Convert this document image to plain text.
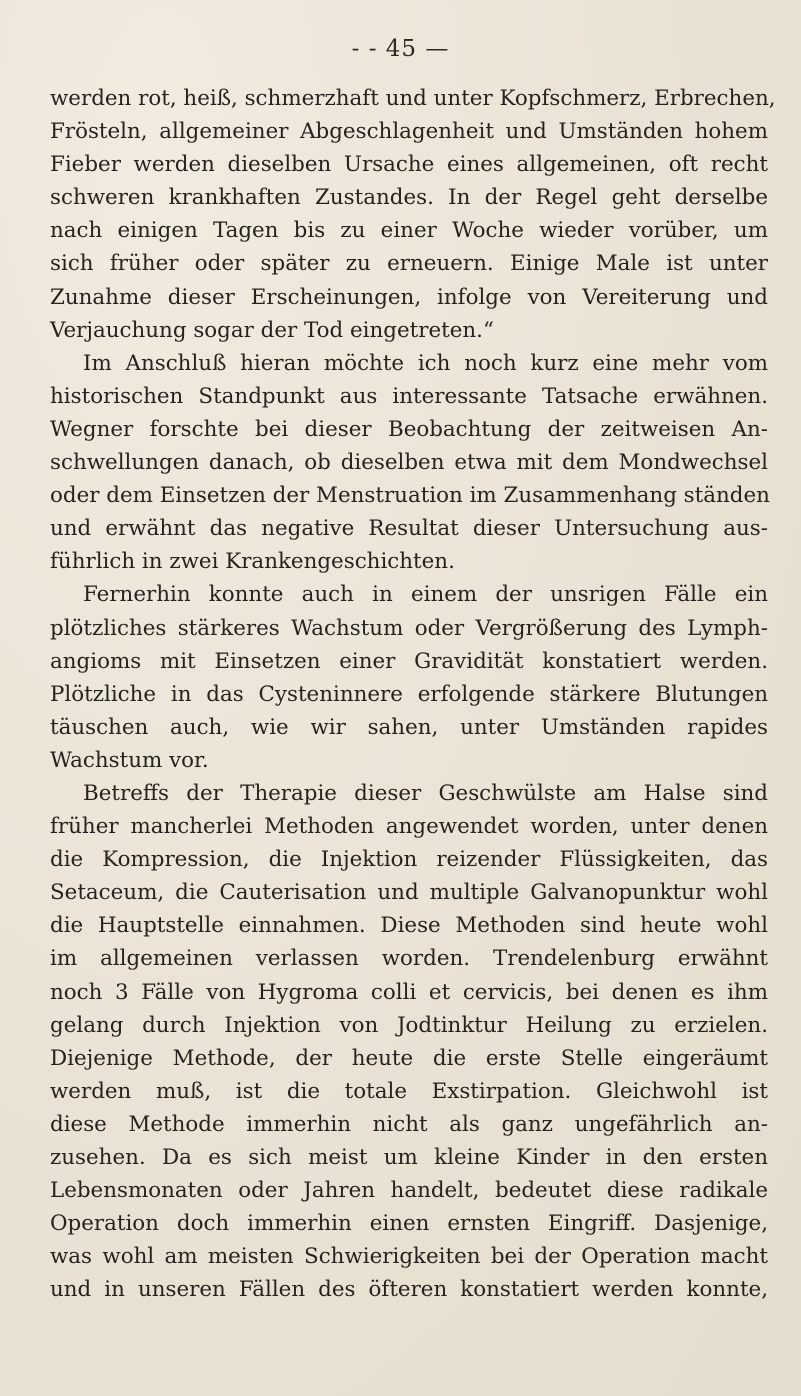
- - 45 —
werden rot, heiß, schmerzhaft und unter Kopfschmerz, Erbrechen,
Frösteln, allgemeiner Abgeschlagenheit und Umständen hohem
Fieber werden dieselben Ursache eines allgemeinen, oft recht
schweren krankhaften Zustandes. In der Regel geht derselbe
nach einigen Tagen bis zu einer Woche wieder vorüber, um
sich früher oder später zu erneuern. Einige Male ist unter
Zunahme dieser Erscheinungen, infolge von Vereiterung und
Verjauchung sogar der Tod eingetreten.“
Im Anschluß hieran möchte ich noch kurz eine mehr vom
historischen Standpunkt aus interessante Tatsache erwähnen.
Wegner forschte bei dieser Beobachtung der zeitweisen An-
schwellungen danach, ob dieselben etwa mit dem Mondwechsel
oder dem Einsetzen der Menstruation im Zusammenhang ständen
und erwähnt das negative Resultat dieser Untersuchung aus-
führlich in zwei Krankengeschichten.
Fernerhin konnte auch in einem der unsrigen Fälle ein
plötzliches stärkeres Wachstum oder Vergrößerung des Lymph-
angioms mit Einsetzen einer Gravidität konstatiert werden.
Plötzliche in das Cysteninnere erfolgende stärkere Blutungen
täuschen auch, wie wir sahen, unter Umständen rapides
Wachstum vor.
Betreffs der Therapie dieser Geschwülste am Halse sind
früher mancherlei Methoden angewendet worden, unter denen
die Kompression, die Injektion reizender Flüssigkeiten, das
Setaceum, die Cauterisation und multiple Galvanopunktur wohl
die Hauptstelle einnahmen. Diese Methoden sind heute wohl
im allgemeinen verlassen worden. Trendelenburg erwähnt
noch 3 Fälle von Hygroma colli et cervicis, bei denen es ihm
gelang durch Injektion von Jodtinktur Heilung zu erzielen.
Diejenige Methode, der heute die erste Stelle eingeräumt
werden muß, ist die totale Exstirpation. Gleichwohl ist
diese Methode immerhin nicht als ganz ungefährlich an-
zusehen. Da es sich meist um kleine Kinder in den ersten
Lebensmonaten oder Jahren handelt, bedeutet diese radikale
Operation doch immerhin einen ernsten Eingriff. Dasjenige,
was wohl am meisten Schwierigkeiten bei der Operation macht
und in unseren Fällen des öfteren konstatiert werden konnte,
